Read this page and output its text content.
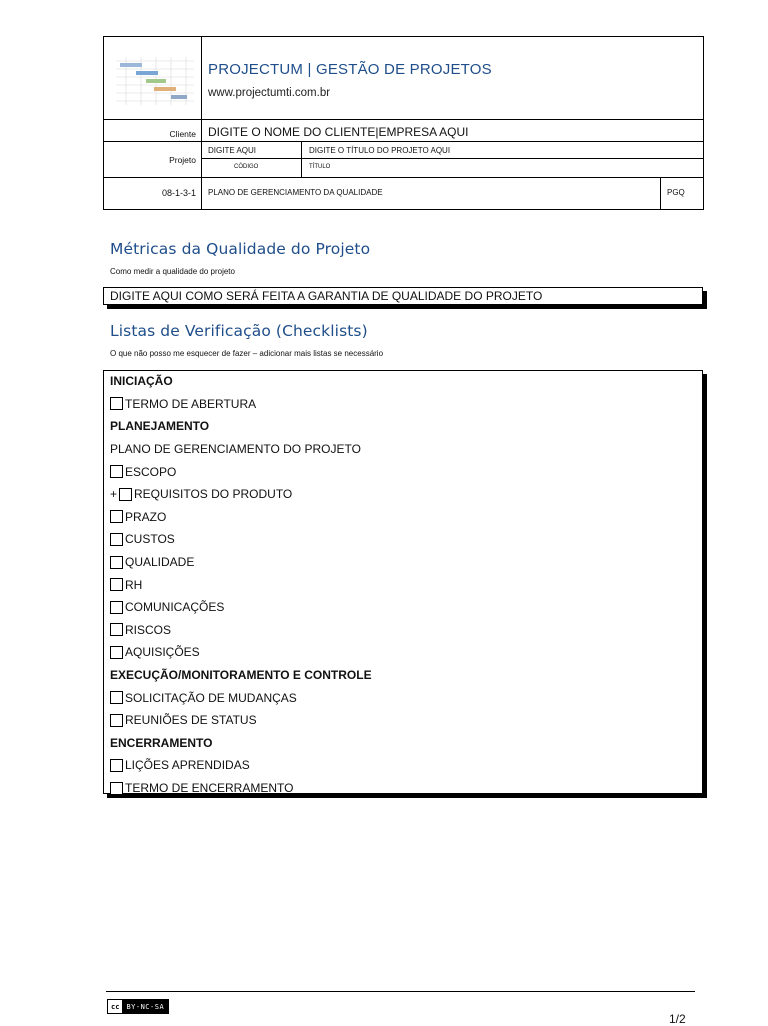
PROJECTUM | GESTÃO DE PROJETOS
www.projectumti.com.br
Cliente DIGITE O NOME DO CLIENTE|EMPRESA AQUI
Projeto
DIGITE AQUI	DIGITE O TÍTULO DO PROJETO AQUI
CÓDIGO	TÍTULO
08-1-3-1 PLANO DE GERENCIAMENTO DA QUALIDADE	PGQ
Métricas da Qualidade do Projeto
Como medir a qualidade do projeto
DIGITE AQUI COMO SERÁ FEITA A GARANTIA DE QUALIDADE DO PROJETO
Listas de Verificação (Checklists)
O que não posso me esquecer de fazer – adicionar mais listas se necessário
INICIAÇÃO
TERMO DE ABERTURA
PLANEJAMENTO
PLANO DE GERENCIAMENTO DO PROJETO
ESCOPO
+ REQUISITOS DO PRODUTO
PRAZO
CUSTOS
QUALIDADE
RH
COMUNICAÇÕES
RISCOS
AQUISIÇÕES
EXECUÇÃO/MONITORAMENTO E CONTROLE
SOLICITAÇÃO DE MUDANÇAS
REUNIÕES DE STATUS
ENCERRAMENTO
LIÇÕES APRENDIDAS
TERMO DE ENCERRAMENTO
cc	BY-NC-SA
1/2
